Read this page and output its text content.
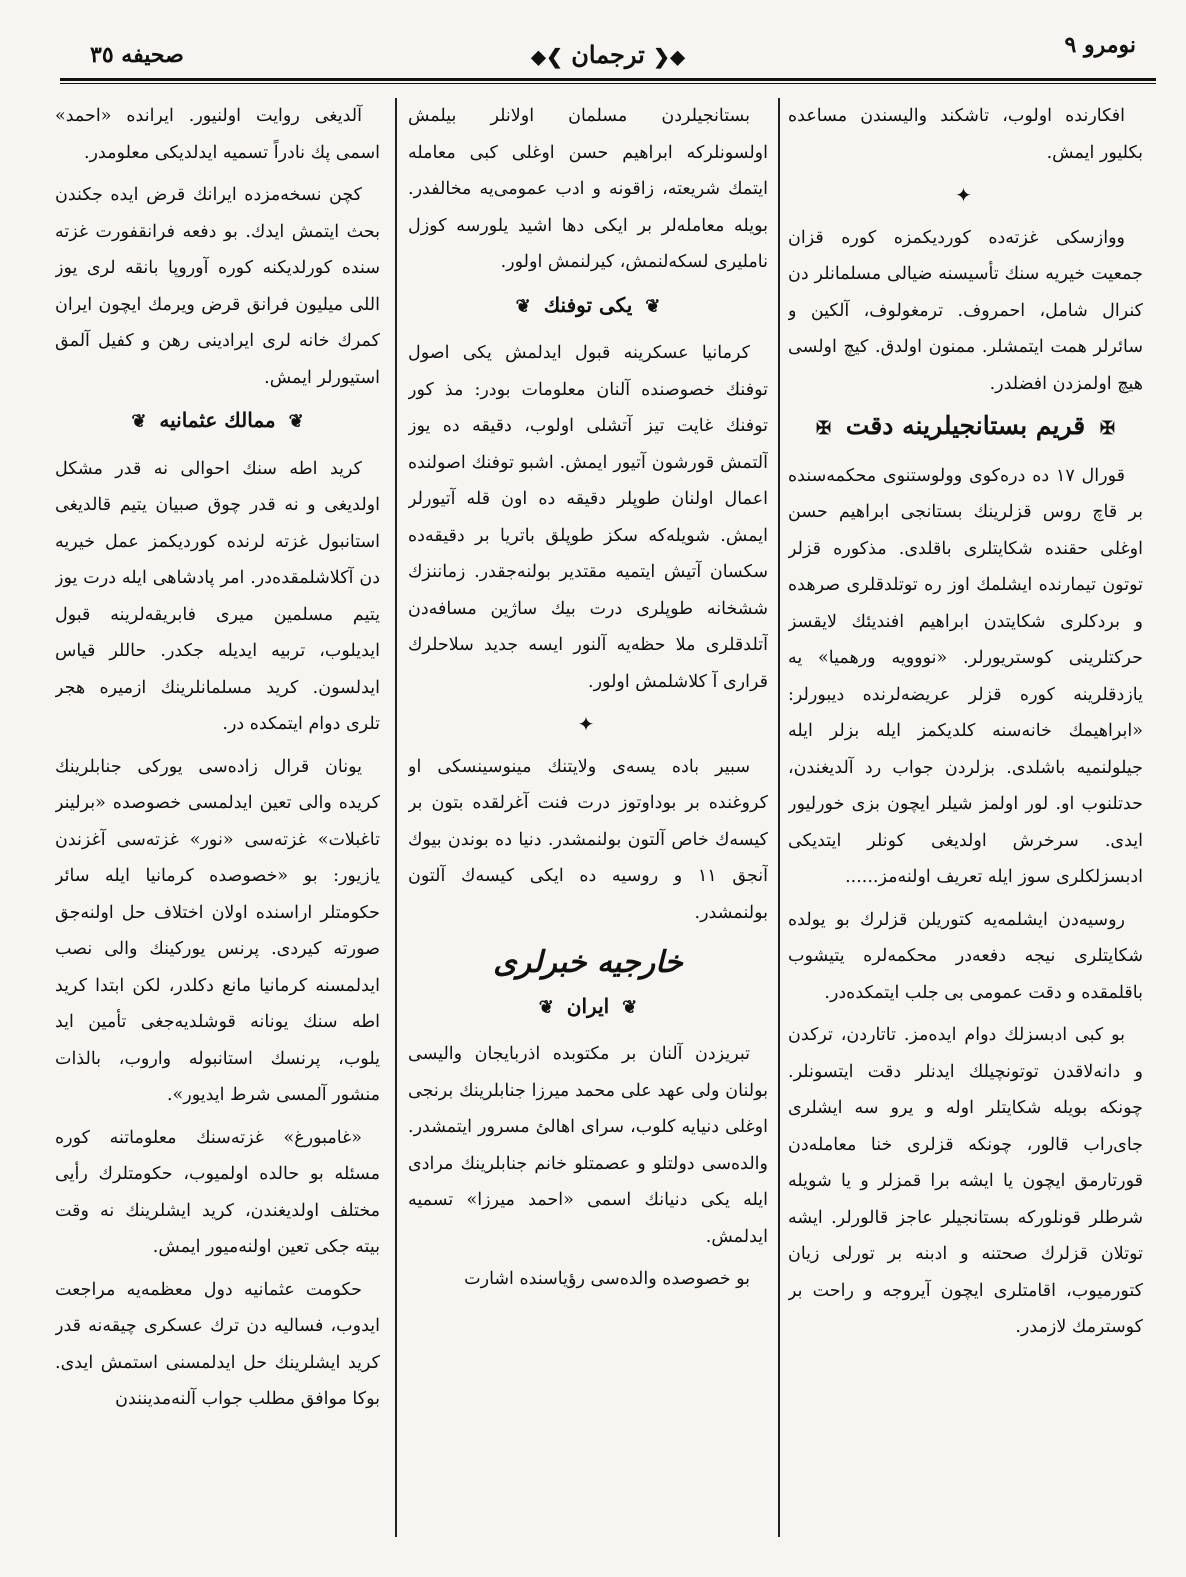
صحيفه ٣٥	◆❮ ترجمان ❯◆	نومرو ٩

افكارنده اولوب، تاشكند واليسندن مساعده بكليور ايمش.

✦

ووازسكى غزته‌ده كورديكمزه كوره قزان جمعيت خيريه سنك تأسيسنه ضيالى مسلمانلر دن كنرال شامل، احمروف. ترمغولوف، آلكين و سائرلر همت ايتمشلر. ممنون اولدق. كيچ اولسى هيچ اولمزدن افضلدر.

✠ قريم بستانجيلرينه دقت ✠

قورال ١٧ ده دره‌كوى وولوستنوى محكمه‌سنده بر قاچ روس قزلرينك بستانجى ابراهيم حسن اوغلى حقنده شكايتلرى باقلدى. مذكوره قزلر توتون تيمارنده ايشلمك اوز ره توتلدقلرى صرهده و بردكلرى شكايتدن ابراهيم افنديئك لايقسز حركتلرينى كوستريورلر. «نووويه ورهميا» يه يازدقلرينه كوره قزلر عريضه‌لرنده ديبورلر: «ابراهيمك خانه‌سنه كلديكمز ايله بزلر ايله جيلولنميه باشلدى. بزلردن جواب رد آلديغندن، حدتلنوب او. لور اولمز شيلر ايچون بزى خورليور ايدى. سرخرش اولديغى كونلر ايتديكى ادبسزلكلرى سوز ايله تعريف اولنه‌مز......

روسيه‌دن ايشلمه‌يه كتوريلن قزلرك بو يولده شكايتلرى نيجه دفعه‌در محكمه‌لره يتيشوب باقلمقده و دقت عمومى بى جلب ايتمكده‌در.

بو كبى ادبسزلك دوام ايده‌مز. تاتاردن، تركدن و دانه‌لاقدن توتونچيلك ايدنلر دقت ايتسونلر. چونكه بويله شكايتلر اوله و يرو سه ايشلرى جاى‌راب قالور، چونكه قزلرى خنا معامله‌دن قورتارمق ايچون يا ايشه برا قمزلر و يا شويله شرطلر قونلوركه بستانجيلر عاجز قالورلر. ايشه توتلان قزلرك صحتنه و ادبنه بر تورلى زيان كتورميوب، اقامتلرى ايچون آيروجه و راحت بر كوسترمك لازمدر.

بستانجيلردن مسلمان اولانلر بيلمش اولسونلركه ابراهيم حسن اوغلى كبى معامله ايتمك شريعته، زاقونه و ادب عمومى‌يه مخالفدر. بويله معامله‌لر بر ايكى دها اشيد يلورسه كوزل نامليرى لسكه‌لنمش، كيرلنمش اولور.

❦ يكى توفنك ❦

كرمانيا عسكرينه قبول ايدلمش يكى اصول توفنك خصوصنده آلنان معلومات بودر: مذ كور توفنك غايت تيز آتشلى اولوب، دقيقه ده يوز آلتمش قورشون آتيور ايمش. اشبو توفنك اصولنده اعمال اولنان طوپلر دقيقه ده اون قله آتيورلر ايمش. شويله‌كه سكز طوپلق باتريا بر دقيقه‌ده سكسان آتيش ايتميه مقتدير بولنه‌جقدر. زماننزك ششخانه طوپلرى درت بيك ساژين مسافه‌دن آتلدقلرى ملا حظه‌يه آلنور ايسه جديد سلاحلرك قرارى آ كلاشلمش اولور.

✦

سبير باده يسه‌ى ولايتنك مينوسينسكى او كروغنده بر بوداوتوز درت فنت آغرلقده بتون بر كيسه‌ك خاص آلتون بولنمشدر. دنيا ده بوندن بيوك آنجق ١١ و روسيه ده ايكى كيسه‌ك آلتون بولنمشدر.

خارجيه خبرلرى
❦ ايران ❦

تبريزدن آلنان بر مكتوبده اذربايجان واليسى بولنان ولى عهد على محمد ميرزا جنابلرينك برنجى اوغلى دنيايه كلوب، سراى اهالئ مسرور ايتمشدر. والده‌سى دولتلو و عصمتلو خانم جنابلرينك مرادى ايله يكى دنيانك اسمى «احمد ميرزا» تسميه ايدلمش.

بو خصوصده والده‌سى رؤياسنده اشارت

آلديغى روايت اولنيور. ايرانده «احمد» اسمى پك نادراً تسميه ايدلديكى معلومدر.

كچن نسخه‌مزده ايرانك قرض ايده جكندن بحث ايتمش ايدك. بو دفعه فرانقفورت غزته سنده كورلديكنه كوره آوروپا بانقه لرى يوز اللى ميليون فرانق قرض ويرمك ايچون ايران كمرك خانه لرى ايرادينى رهن و كفيل آلمق استيورلر ايمش.

❦ ممالك عثمانيه ❦

كريد اطه سنك احوالى نه قدر مشكل اولديغى و نه قدر چوق صبيان يتيم قالديغى استانبول غزته لرنده كورديكمز عمل خيريه دن آكلاشلمقده‌در. امر پادشاهى ايله درت يوز يتيم مسلمين ميرى فابريقه‌لرينه قبول ايديلوب، تربيه ايديله جكدر. حاللر قياس ايدلسون. كريد مسلمانلرينك ازميره هجر تلرى دوام ايتمكده در.

يونان قرال زاده‌سى يوركى جنابلرينك كريده والى تعين ايدلمسى خصوصده «برلينر تاغبلات» غزته‌سى «نور» غزته‌سى آغزندن يازيور: بو «خصوصده كرمانيا ايله سائر حكومتلر اراسنده اولان اختلاف حل اولنه‌جق صورته كيردى. پرنس يوركينك والى نصب ايدلمسنه كرمانيا مانع دكلدر، لكن ابتدا كريد اطه سنك يونانه قوشلديه‌جغى تأمين ايد يلوب، پرنسك استانبوله واروب، بالذات منشور آلمسى شرط ايديور».

«غامبورغ» غزته‌سنك معلوماتنه كوره مسئله بو حالده اولميوب، حكومتلرك رأيى مختلف اولديغندن، كريد ايشلرينك نه وقت بيته جكى تعين اولنه‌ميور ايمش.

حكومت عثمانيه دول معظمه‌يه مراجعت ايدوب، فساليه دن ترك عسكرى چيقه‌نه قدر كريد ايشلرينك حل ايدلمسنى استمش ايدى. بوكا موافق مطلب جواب آلنه‌مدينندن
